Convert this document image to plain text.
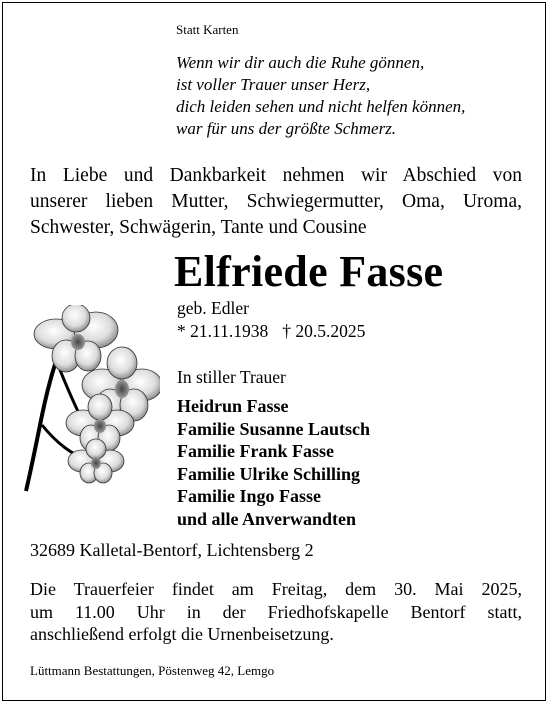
Statt Karten
Wenn wir dir auch die Ruhe gönnen,
ist voller Trauer unser Herz,
dich leiden sehen und nicht helfen können,
war für uns der größte Schmerz.
In Liebe und Dankbarkeit nehmen wir Abschied von
unserer lieben Mutter, Schwiegermutter, Oma, Uroma,
Schwester, Schwägerin, Tante und Cousine
Elfriede Fasse
geb. Edler
* 21.11.1938 † 20.5.2025
In stiller Trauer
Heidrun Fasse
Familie Susanne Lautsch
Familie Frank Fasse
Familie Ulrike Schilling
Familie Ingo Fasse
und alle Anverwandten
32689 Kalletal-Bentorf, Lichtensberg 2
Die Trauerfeier findet am Freitag, dem 30. Mai 2025,
um 11.00 Uhr in der Friedhofskapelle Bentorf statt,
anschließend erfolgt die Urnenbeisetzung.
Lüttmann Bestattungen, Pöstenweg 42, Lemgo
